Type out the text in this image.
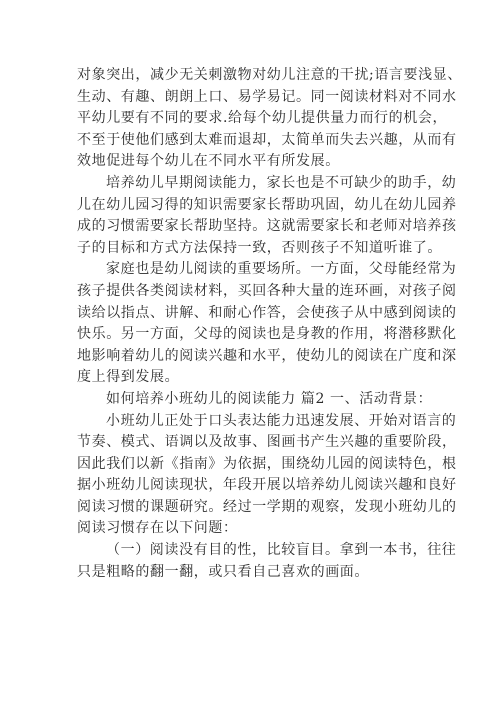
对象突出，减少无关刺激物对幼儿注意的干扰;语言要浅显、
生动、有趣、朗朗上口、易学易记。同一阅读材料对不同水
平幼儿要有不同的要求.给每个幼儿提供量力而行的机会，
不至于使他们感到太难而退却，太简单而失去兴趣，从而有
效地促进每个幼儿在不同水平有所发展。
培养幼儿早期阅读能力，家长也是不可缺少的助手，幼
儿在幼儿园习得的知识需要家长帮助巩固，幼儿在幼儿园养
成的习惯需要家长帮助坚持。这就需要家长和老师对培养孩
子的目标和方式方法保持一致，否则孩子不知道听谁了。
家庭也是幼儿阅读的重要场所。一方面，父母能经常为
孩子提供各类阅读材料，买回各种大量的连环画，对孩子阅
读给以指点、讲解、和耐心作答，会使孩子从中感到阅读的
快乐。另一方面，父母的阅读也是身教的作用，将潜移默化
地影响着幼儿的阅读兴趣和水平，使幼儿的阅读在广度和深
度上得到发展。
如何培养小班幼儿的阅读能力 篇2 一、活动背景：
小班幼儿正处于口头表达能力迅速发展、开始对语言的
节奏、模式、语调以及故事、图画书产生兴趣的重要阶段，
因此我们以新《指南》为依据，围绕幼儿园的阅读特色，根
据小班幼儿阅读现状，年段开展以培养幼儿阅读兴趣和良好
阅读习惯的课题研究。经过一学期的观察，发现小班幼儿的
阅读习惯存在以下问题：
（一）阅读没有目的性，比较盲目。拿到一本书，往往
只是粗略的翻一翻，或只看自己喜欢的画面。
